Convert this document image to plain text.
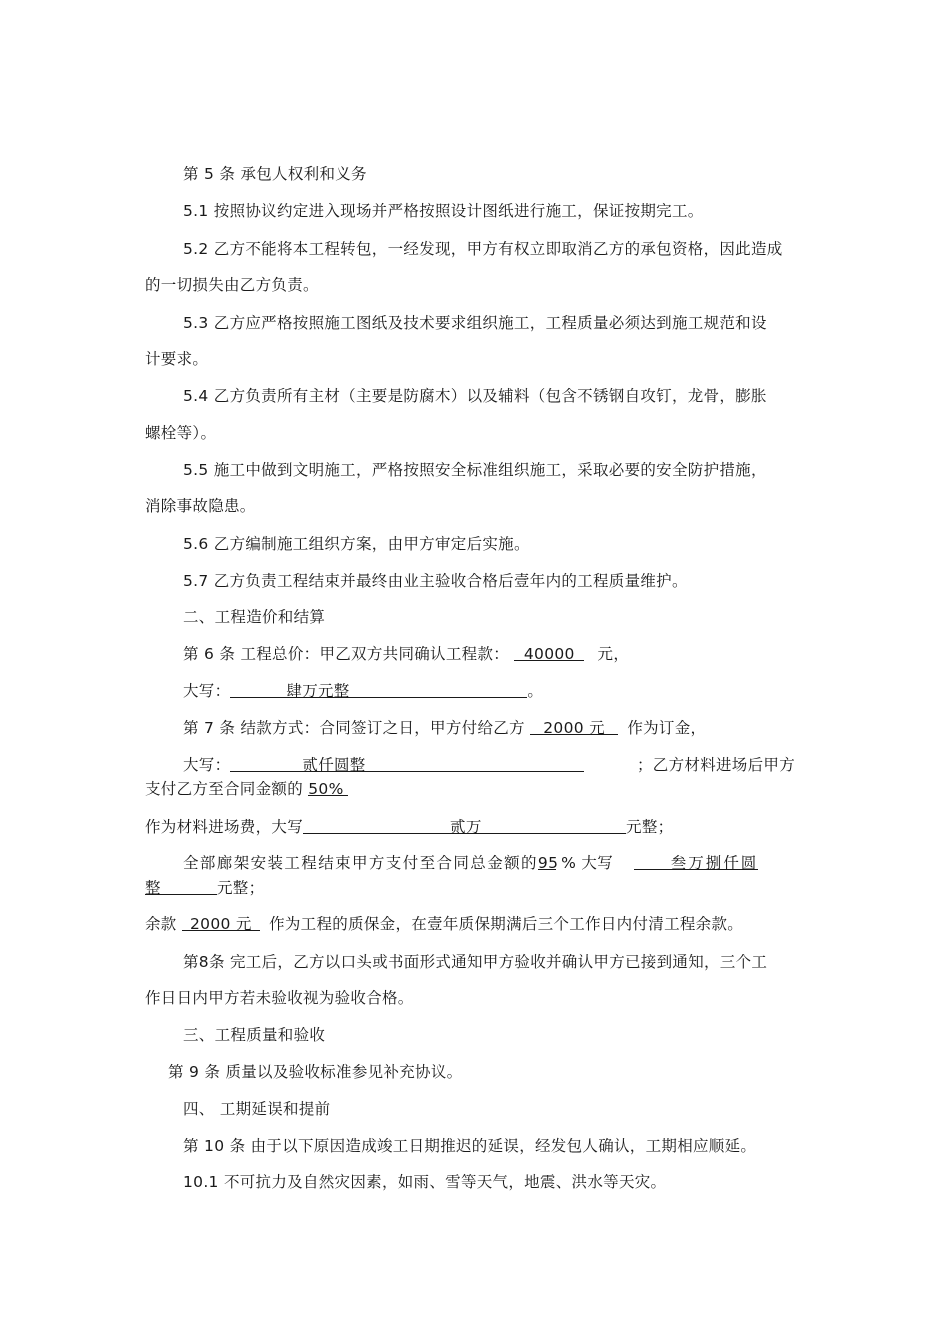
第 5 条 承包人权利和义务
5.1 按照协议约定进入现场并严格按照设计图纸进行施工，保证按期完工。
5.2 乙方不能将本工程转包，一经发现，甲方有权立即取消乙方的承包资格，因此造成
的一切损失由乙方负责。
5.3 乙方应严格按照施工图纸及技术要求组织施工，工程质量必须达到施工规范和设
计要求。
5.4 乙方负责所有主材（主要是防腐木）以及辅料（包含不锈钢自攻钉，龙骨，膨胀
螺栓等）。
5.5 施工中做到文明施工，严格按照安全标准组织施工，采取必要的安全防护措施，
消除事故隐患。
5.6 乙方编制施工组织方案，由甲方审定后实施。
5.7 乙方负责工程结束并最终由业主验收合格后壹年内的工程质量维护。
二、工程造价和结算
第 6 条 工程总价：甲乙双方共同确认工程款： 40000 元，
大写：	肆万元整	。
第 7 条 结款方式：合同签订之日，甲方付给乙方 2000 元 作为订金，
大写：	贰仟圆整	；乙方材料进场后甲方
支付乙方至合同金额的 50%
作为材料进场费，大写	贰万	元整；
全部廊架安装工程结束甲方支付至合同总金额的95 % 大写	叁万捌仟圆
整	元整；
余款 2000 元 作为工程的质保金，在壹年质保期满后三个工作日内付清工程余款。
第8条 完工后，乙方以口头或书面形式通知甲方验收并确认甲方已接到通知，三个工
作日日内甲方若未验收视为验收合格。
三、工程质量和验收
第 9 条 质量以及验收标准参见补充协议。
四、 工期延误和提前
第 10 条 由于以下原因造成竣工日期推迟的延误，经发包人确认，工期相应顺延。
10.1 不可抗力及自然灾因素，如雨、雪等天气，地震、洪水等天灾。
